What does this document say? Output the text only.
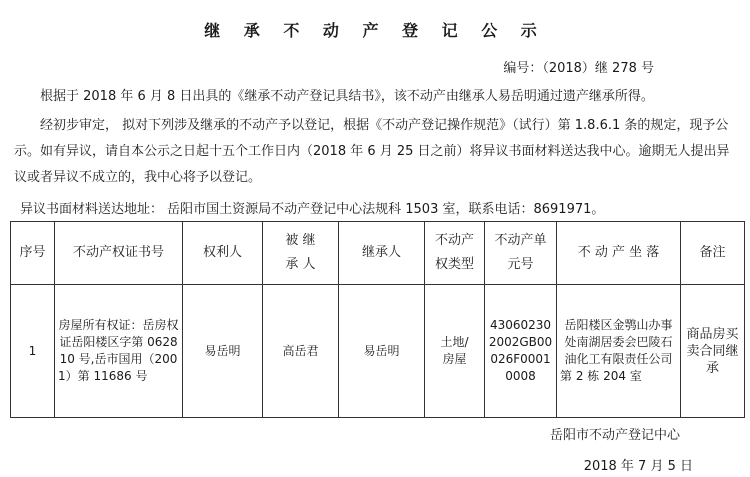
继 承 不 动 产 登 记 公 示
编号：（2018）继 278 号

根据于 2018 年 6 月 8 日出具的《继承不动产登记具结书》，该不动产由继承人易岳明通过遗产继承所得。

经初步审定， 拟对下列涉及继承的不动产予以登记，根据《不动产登记操作规范》（试行）第 1.8.6.1 条的规定，现予公示。如有异议，请自本公示之日起十五个工作日内（2018 年 6 月 25 日之前）将异议书面材料送达我中心。逾期无人提出异议或者异议不成立的，我中心将予以登记。

异议书面材料送达地址： 岳阳市国土资源局不动产登记中心法规科 1503 室，联系电话：8691971。
序号	不动产权证书号	权利人	被 继 承 人	继承人	不动产权类型	不动产单元号	不 动 产 坐 落	备注
1	房屋所有权证：岳房权证岳阳楼区字第 062810 号,岳市国用（2001）第 11686 号	易岳明	高岳君	易岳明	土地/房屋	430602302002GB00026F00010008	岳阳楼区金鹗山办事处南湖居委会巴陵石油化工有限责任公司第 2 栋 204 室	商品房买卖合同继承
岳阳市不动产登记中心
2018 年 7 月 5 日
